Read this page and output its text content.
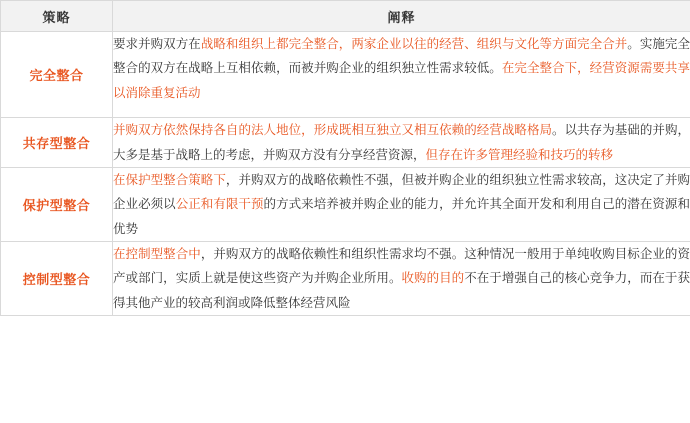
策略	阐释
完全整合	要求并购双方在战略和组织上都完全整合，两家企业以往的经营、组织与文化等方面完全合并。实施完全整合的双方在战略上互相依赖，而被并购企业的组织独立性需求较低。在完全整合下，经营资源需要共享以消除重复活动
共存型整合	并购双方依然保持各自的法人地位，形成既相互独立又相互依赖的经营战略格局。以共存为基础的并购，大多是基于战略上的考虑，并购双方没有分享经营资源，但存在许多管理经验和技巧的转移
保护型整合	在保护型整合策略下，并购双方的战略依赖性不强，但被并购企业的组织独立性需求较高，这决定了并购企业必须以公正和有限干预的方式来培养被并购企业的能力，并允许其全面开发和利用自己的潜在资源和优势
控制型整合	在控制型整合中，并购双方的战略依赖性和组织性需求均不强。这种情况一般用于单纯收购目标企业的资产或部门，实质上就是使这些资产为并购企业所用。收购的目的不在于增强自己的核心竞争力，而在于获得其他产业的较高利润或降低整体经营风险
